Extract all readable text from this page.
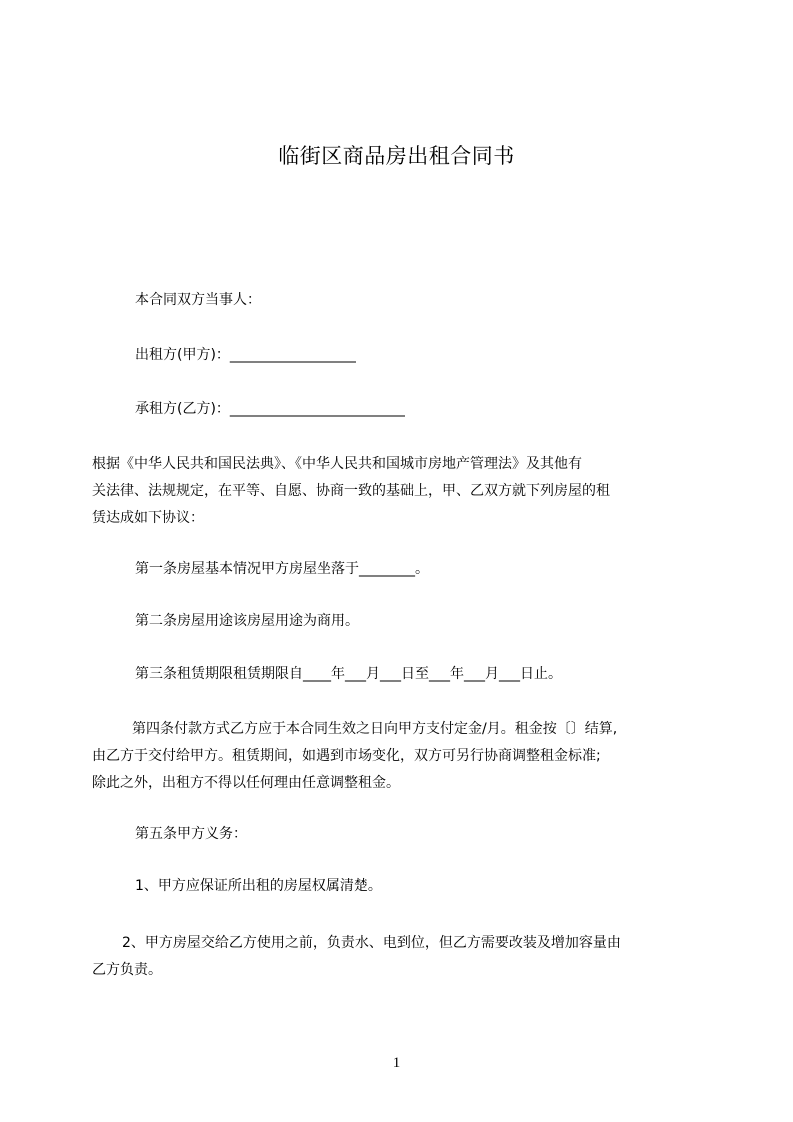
临街区商品房出租合同书
本合同双方当事人：
出租方(甲方)：__________________
承租方(乙方)：_________________________
根据《中华人民共和国民法典》、《中华人民共和国城市房地产管理法》及其他有
关法律、法规规定，在平等、自愿、协商一致的基础上，甲、乙双方就下列房屋的租
赁达成如下协议：
第一条房屋基本情况甲方房屋坐落于________。
第二条房屋用途该房屋用途为商用。
第三条租赁期限租赁期限自____年___月___日至___年___月___日止。
第四条付款方式乙方应于本合同生效之日向甲方支付定金/月。租金按〔〕结算,
由乙方于交付给甲方。租赁期间，如遇到市场变化，双方可另行协商调整租金标准;
除此之外，出租方不得以任何理由任意调整租金。
第五条甲方义务：
1、甲方应保证所出租的房屋权属清楚。
2、甲方房屋交给乙方使用之前，负责水、电到位，但乙方需要改装及增加容量由
乙方负责。
1
